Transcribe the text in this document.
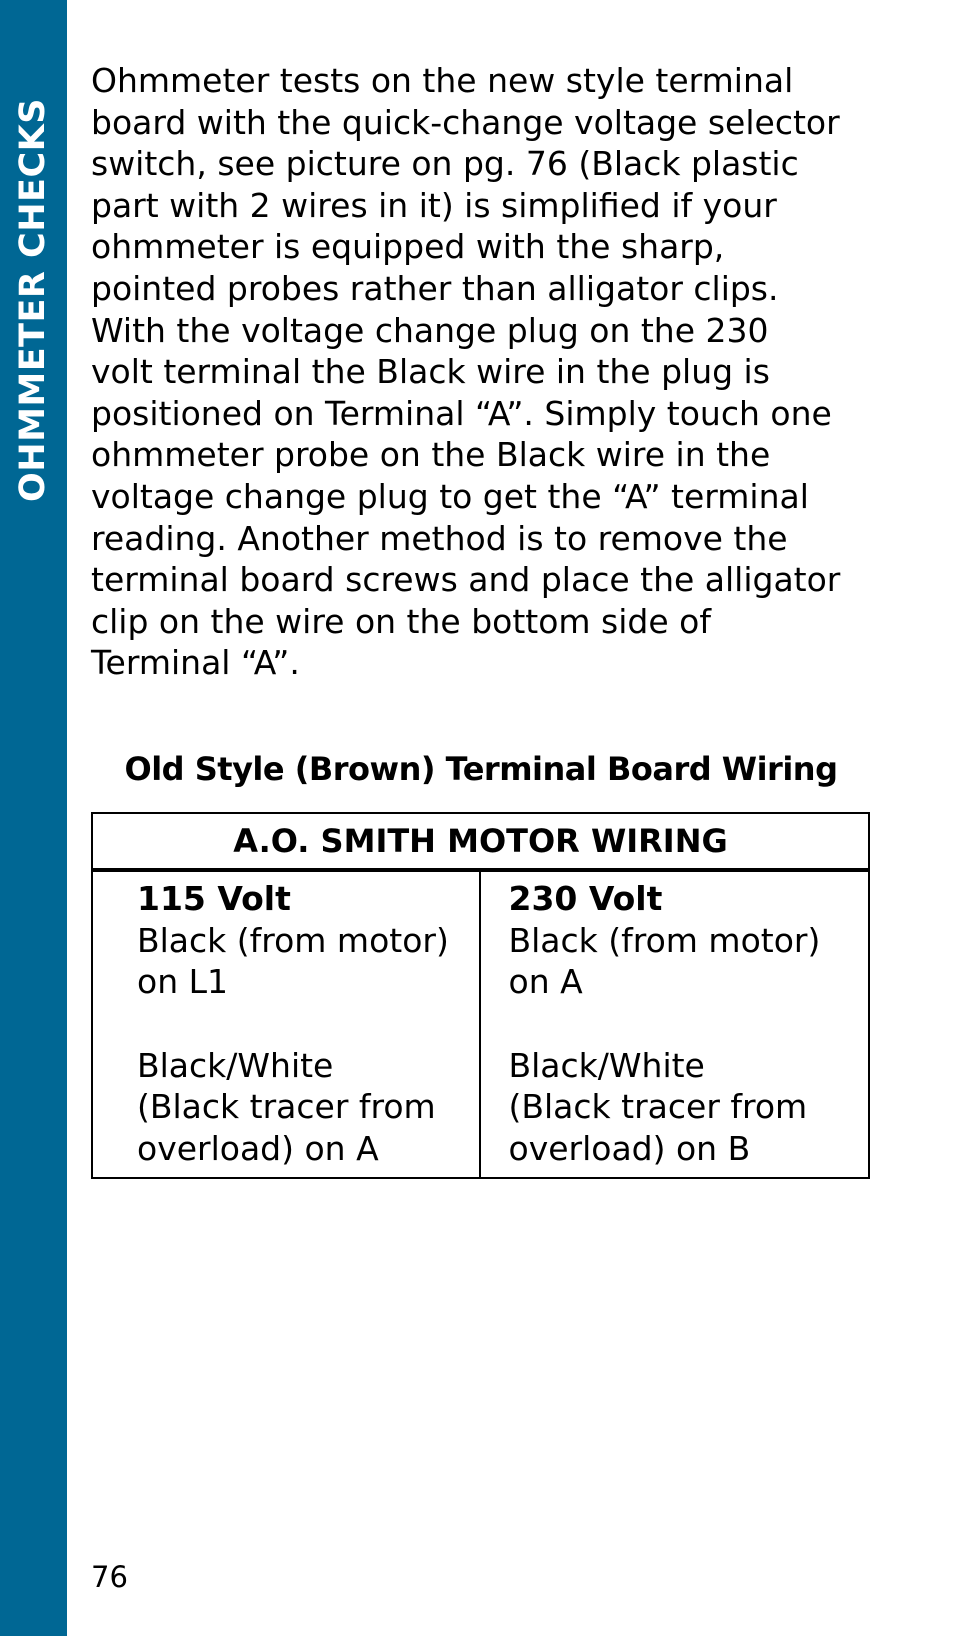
OHMMETER CHECKS

Ohmmeter tests on the new style terminal
board with the quick-change voltage selector
switch, see picture on pg. 76 (Black plastic
part with 2 wires in it) is simplified if your
ohmmeter is equipped with the sharp,
pointed probes rather than alligator clips.
With the voltage change plug on the 230
volt terminal the Black wire in the plug is
positioned on Terminal “A”. Simply touch one
ohmmeter probe on the Black wire in the
voltage change plug to get the “A” terminal
reading. Another method is to remove the
terminal board screws and place the alligator
clip on the wire on the bottom side of
Terminal “A”.

Old Style (Brown) Terminal Board Wiring
A.O. SMITH MOTOR WIRING
115 Volt
Black (from motor)
on L1
Black/White
(Black tracer from
overload) on A
230 Volt
Black (from motor)
on A
Black/White
(Black tracer from
overload) on B
76
